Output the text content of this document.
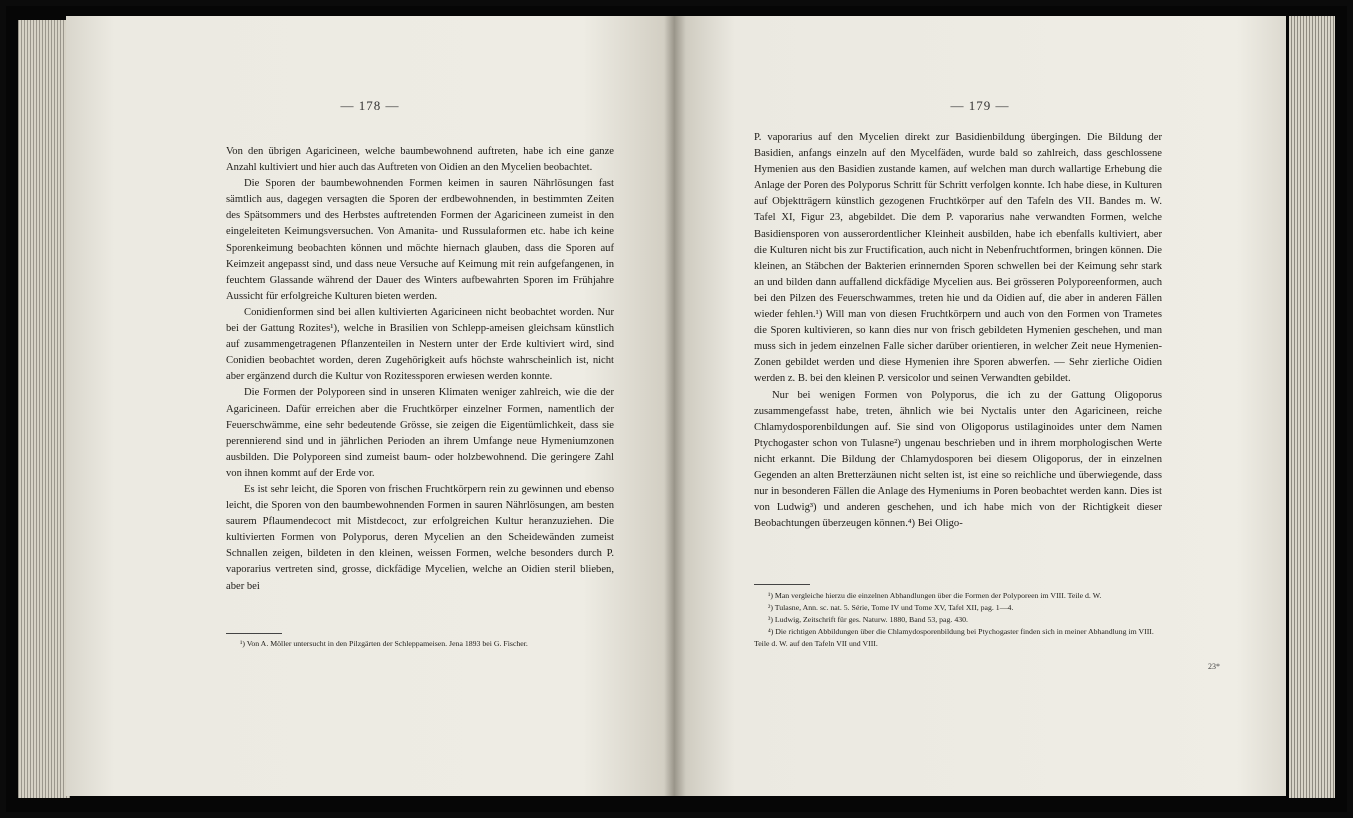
— 178 —

Von den übrigen Agaricineen, welche baumbewohnend auftreten, habe ich eine ganze Anzahl kultiviert und hier auch das Auftreten von Oidien an den Mycelien beobachtet.

Die Sporen der baumbewohnenden Formen keimen in sauren Nährlösungen fast sämtlich aus, dagegen versagten die Sporen der erdbewohnenden, in bestimmten Zeiten des Spätsommers und des Herbstes auftretenden Formen der Agaricineen zumeist in den eingeleiteten Keimungsversuchen. Von Amanita- und Russulaformen etc. habe ich keine Sporenkeimung beobachten können und möchte hiernach glauben, dass die Sporen auf Keimzeit angepasst sind, und dass neue Versuche auf Keimung mit rein aufgefangenen, in feuchtem Glassande während der Dauer des Winters aufbewahrten Sporen im Frühjahre Aussicht für erfolgreiche Kulturen bieten werden.

Conidienformen sind bei allen kultivierten Agaricineen nicht beobachtet worden. Nur bei der Gattung Rozites¹), welche in Brasilien von Schlepp-ameisen gleichsam künstlich auf zusammengetragenen Pflanzenteilen in Nestern unter der Erde kultiviert wird, sind Conidien beobachtet worden, deren Zugehörigkeit aufs höchste wahrscheinlich ist, nicht aber ergänzend durch die Kultur von Rozitessporen erwiesen werden konnte.

Die Formen der Polyporeen sind in unseren Klimaten weniger zahlreich, wie die der Agaricineen. Dafür erreichen aber die Fruchtkörper einzelner Formen, namentlich der Feuerschwämme, eine sehr bedeutende Grösse, sie zeigen die Eigentümlichkeit, dass sie perennierend sind und in jährlichen Perioden an ihrem Umfange neue Hymeniumzonen ausbilden. Die Polyporeen sind zumeist baum- oder holzbewohnend. Die geringere Zahl von ihnen kommt auf der Erde vor.

Es ist sehr leicht, die Sporen von frischen Fruchtkörpern rein zu gewinnen und ebenso leicht, die Sporen von den baumbewohnenden Formen in sauren Nährlösungen, am besten saurem Pflaumendecoct mit Mistdecoct, zur erfolgreichen Kultur heranzuziehen. Die kultivierten Formen von Polyporus, deren Mycelien an den Scheidewänden zumeist Schnallen zeigen, bildeten in den kleinen, weissen Formen, welche besonders durch P. vaporarius vertreten sind, grosse, dickfädige Mycelien, welche an Oidien steril blieben, aber bei

¹) Von A. Möller untersucht in den Pilzgärten der Schleppameisen. Jena 1893 bei G. Fischer.

— 179 —

P. vaporarius auf den Mycelien direkt zur Basidienbildung übergingen. Die Bildung der Basidien, anfangs einzeln auf den Mycelfäden, wurde bald so zahlreich, dass geschlossene Hymenien aus den Basidien zustande kamen, auf welchen man durch wallartige Erhebung die Anlage der Poren des Polyporus Schritt für Schritt verfolgen konnte. Ich habe diese, in Kulturen auf Objektträgern künstlich gezogenen Fruchtkörper auf den Tafeln des VII. Bandes m. W. Tafel XI, Figur 23, abgebildet. Die dem P. vaporarius nahe verwandten Formen, welche Basidiensporen von ausserordentlicher Kleinheit ausbilden, habe ich ebenfalls kultiviert, aber die Kulturen nicht bis zur Fructification, auch nicht in Nebenfruchtformen, bringen können. Die kleinen, an Stäbchen der Bakterien erinnernden Sporen schwellen bei der Keimung sehr stark an und bilden dann auffallend dickfädige Mycelien aus. Bei grösseren Polyporeenformen, auch bei den Pilzen des Feuerschwammes, treten hie und da Oidien auf, die aber in anderen Fällen wieder fehlen.¹) Will man von diesen Fruchtkörpern und auch von den Formen von Trametes die Sporen kultivieren, so kann dies nur von frisch gebildeten Hymenien geschehen, und man muss sich in jedem einzelnen Falle sicher darüber orientieren, in welcher Zeit neue Hymenien-Zonen gebildet werden und diese Hymenien ihre Sporen abwerfen. — Sehr zierliche Oidien werden z. B. bei den kleinen P. versicolor und seinen Verwandten gebildet.

Nur bei wenigen Formen von Polyporus, die ich zu der Gattung Oligoporus zusammengefasst habe, treten, ähnlich wie bei Nyctalis unter den Agaricineen, reiche Chlamydosporenbildungen auf. Sie sind von Oligoporus ustilaginoides unter dem Namen Ptychogaster schon von Tulasne²) ungenau beschrieben und in ihrem morphologischen Werte nicht erkannt. Die Bildung der Chlamydosporen bei diesem Oligoporus, der in einzelnen Gegenden an alten Bretterzäunen nicht selten ist, ist eine so reichliche und überwiegende, dass nur in besonderen Fällen die Anlage des Hymeniums in Poren beobachtet werden kann. Dies ist von Ludwig³) und anderen geschehen, und ich habe mich von der Richtigkeit dieser Beobachtungen überzeugen können.⁴) Bei Oligo-

¹) Man vergleiche hierzu die einzelnen Abhandlungen über die Formen der Polyporeen im VIII. Teile d. W.

²) Tulasne, Ann. sc. nat. 5. Série, Tome IV und Tome XV, Tafel XII, pag. 1—4.

³) Ludwig, Zeitschrift für ges. Naturw. 1880, Band 53, pag. 430.

⁴) Die richtigen Abbildungen über die Chlamydosporenbildung bei Ptychogaster finden sich in meiner Abhandlung im VIII. Teile d. W. auf den Tafeln VII und VIII.

23*
